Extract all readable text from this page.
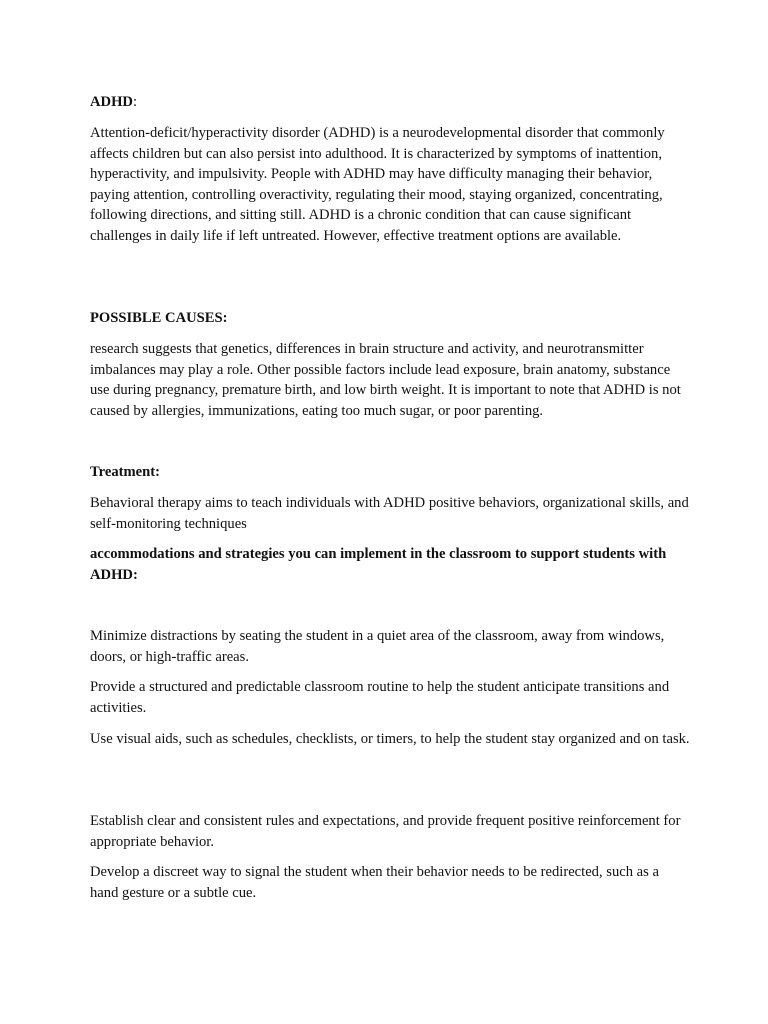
ADHD:

Attention-deficit/hyperactivity disorder (ADHD) is a neurodevelopmental disorder that commonly affects children but can also persist into adulthood. It is characterized by symptoms of inattention, hyperactivity, and impulsivity. People with ADHD may have difficulty managing their behavior, paying attention, controlling overactivity, regulating their mood, staying organized, concentrating, following directions, and sitting still. ADHD is a chronic condition that can cause significant challenges in daily life if left untreated. However, effective treatment options are available.

POSSIBLE CAUSES:

research suggests that genetics, differences in brain structure and activity, and neurotransmitter imbalances may play a role. Other possible factors include lead exposure, brain anatomy, substance use during pregnancy, premature birth, and low birth weight. It is important to note that ADHD is not caused by allergies, immunizations, eating too much sugar, or poor parenting.

Treatment:

Behavioral therapy aims to teach individuals with ADHD positive behaviors, organizational skills, and self-monitoring techniques

accommodations and strategies you can implement in the classroom to support students with ADHD:

Minimize distractions by seating the student in a quiet area of the classroom, away from windows, doors, or high-traffic areas.

Provide a structured and predictable classroom routine to help the student anticipate transitions and activities.

Use visual aids, such as schedules, checklists, or timers, to help the student stay organized and on task.

Establish clear and consistent rules and expectations, and provide frequent positive reinforcement for appropriate behavior.

Develop a discreet way to signal the student when their behavior needs to be redirected, such as a hand gesture or a subtle cue.
